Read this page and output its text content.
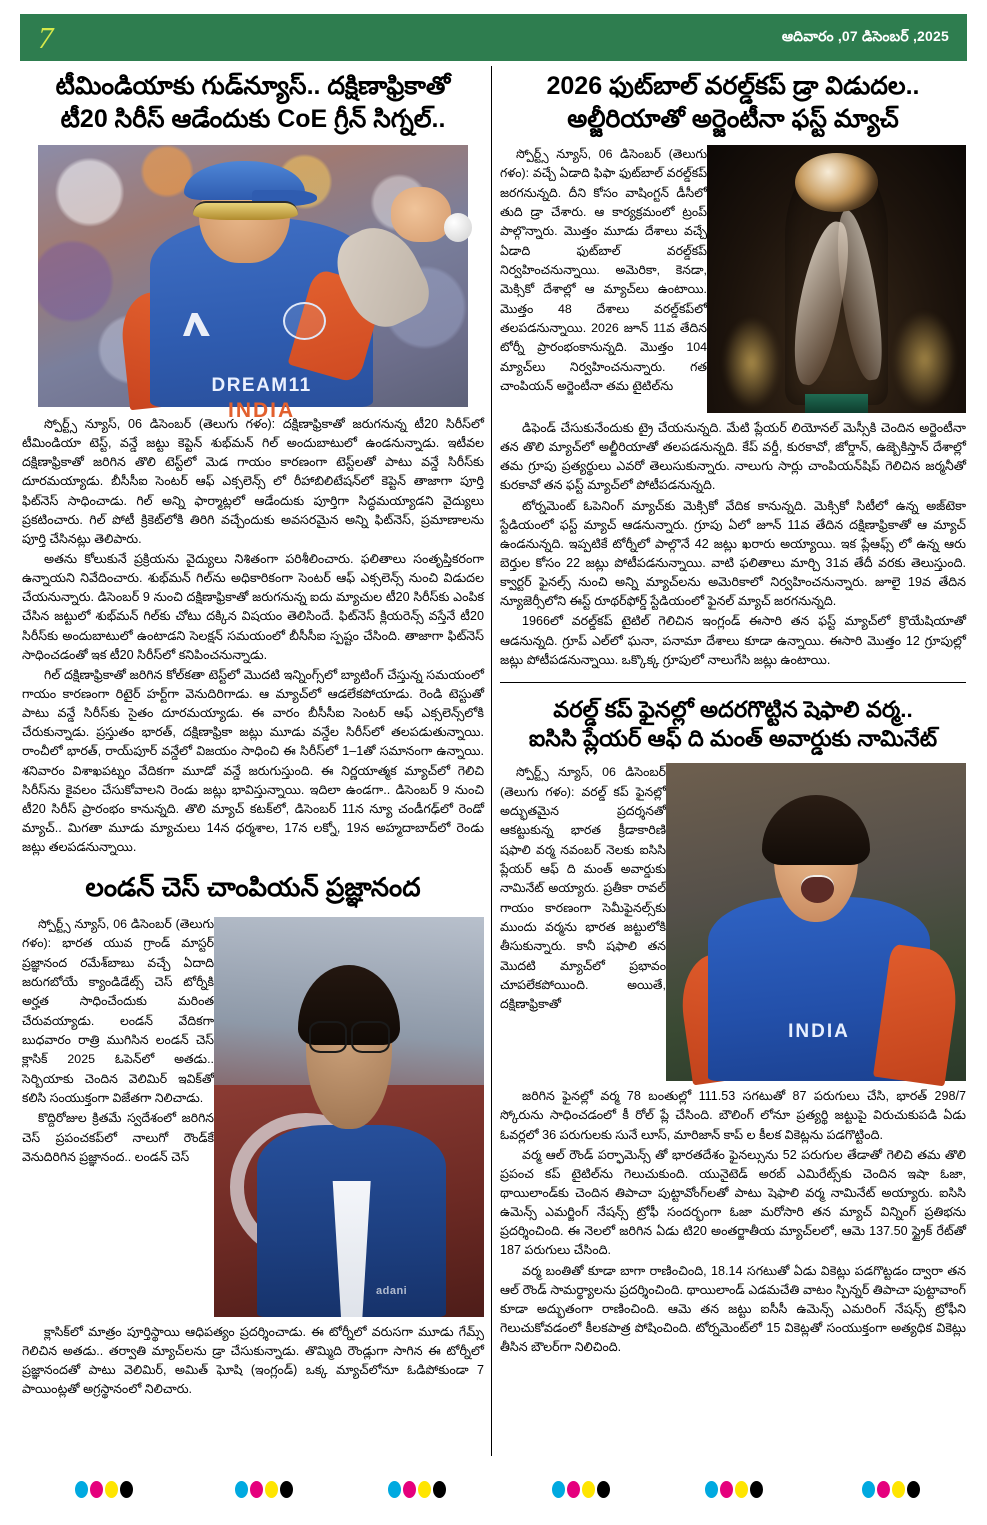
7	ఆదివారం ,07 డిసెంబర్ ,2025
టీమిండియాకు గుడ్‌న్యూస్.. దక్షిణాఫ్రికాతో
టీ20 సిరీస్ ఆడేందుకు CoE గ్రీన్ సిగ్నల్..
DREAM11
INDIA

స్పోర్ట్స్ న్యూస్, 06 డిసెంబర్ (తెలుగు గళం): దక్షిణాఫ్రికాతో జరుగనున్న టీ20 సిరీస్‌లో టీమిండియా టెస్ట్, వన్డే జట్టు కెప్టెన్ శుభ్‌మన్ గిల్ అందుబాటులో ఉండనున్నాడు. ఇటీవల దక్షిణాఫ్రికాతో జరిగిన తొలి టెస్ట్‌లో మెడ గాయం కారణంగా టెస్ట్‌లతో పాటు వన్డే సిరీస్‌కు దూరమయ్యాడు. బీసీసీఐ సెంటర్ ఆఫ్ ఎక్సలెన్స్ లో రీహాబిలిటేషన్‌లో కెప్టెన్ తాజాగా పూర్తి ఫిట్‌నెస్ సాధించాడు. గిల్ అన్ని ఫార్మాట్లలో ఆడేందుకు పూర్తిగా సిద్ధమయ్యాడని వైద్యులు ప్రకటించారు. గిల్ పోటీ క్రికెట్‌లోకి తిరిగి వచ్చేందుకు అవసరమైన అన్ని ఫిట్‌నెస్, ప్రమాణాలను పూర్తి చేసినట్లు తెలిపారు.

అతను కోలుకునే ప్రక్రియను వైద్యులు నిశితంగా పరిశీలించారు. ఫలితాలు సంతృప్తికరంగా ఉన్నాయని నివేదించారు. శుభ్‌మన్ గిల్‌ను అధికారికంగా సెంటర్ ఆఫ్ ఎక్సలెన్స్ నుంచి విడుదల చేయనున్నారు. డిసెంబర్ 9 నుంచి దక్షిణాఫ్రికాతో జరుగనున్న ఐదు మ్యాచుల టీ20 సిరీస్‌కు ఎంపిక చేసిన జట్టులో శుభ్‌మన్ గిల్‌కు చోటు దక్కిన విషయం తెలిసిందే. ఫిట్‌నెస్ క్లియరెన్స్ వస్తేనే టీ20 సిరీస్‌కు అందుబాటులో ఉంటాడని సెలక్షన్ సమయంలో బీసీసీఐ స్పష్టం చేసింది. తాజాగా ఫిట్‌నెస్ సాధించడంతో ఇక టీ20 సిరీస్‌లో కనిపించనున్నాడు.

గిల్ దక్షిణాఫ్రికాతో జరిగిన కోల్‌కతా టెస్ట్‌లో మొదటి ఇన్నింగ్స్‌లో బ్యాటింగ్ చేస్తున్న సమయంలో గాయం కారణంగా రిటైర్ హర్ట్‌గా వెనుదిరిగాడు. ఆ మ్యాచ్‌లో ఆడలేకపోయాడు. రెండి టెస్టుతో పాటు వన్డే సిరీస్‌కు సైతం దూరమయ్యాడు. ఈ వారం బీసీసీఐ సెంటర్ ఆఫ్ ఎక్సలెన్స్‌లోకి చేరుకున్నాడు. ప్రస్తుతం భారత్, దక్షిణాఫ్రికా జట్లు మూడు వన్డేల సిరీస్‌లో తలపడుతున్నాయి. రాంచీలో భారత్, రాయ్‌పూర్ వన్డేలో విజయం సాధించి ఈ సిరీస్‌లో 1–1తో సమానంగా ఉన్నాయి. శనివారం విశాఖపట్నం వేదికగా మూడో వన్డే జరుగుస్తుంది. ఈ నిర్ణయాత్మక మ్యాచ్‌లో గెలిచి సిరీస్‌ను కైవలం చేసుకోవాలని రెండు జట్లు భావిస్తున్నాయి. ఇదిలా ఉండగా.. డిసెంబర్ 9 నుంచి టీ20 సిరీస్ ప్రారంభం కానున్నది. తొలి మ్యాచ్ కటక్‌లో, డిసెంబర్ 11న న్యూ చండీగఢ్‌లో రెండో మ్యాచ్.. మిగతా మూడు మ్యాచులు 14న ధర్మశాల, 17న లక్నో, 19న అహ్మదాబాద్‌లో రెండు జట్లు తలపడనున్నాయి.

లండన్ చెస్ చాంపియన్ ప్రజ్ఞానంద
adani

స్పోర్ట్స్ న్యూస్, 06 డిసెంబర్ (తెలుగు గళం): భారత యువ గ్రాండ్ మాస్టర్ ప్రజ్ఞానంద రమేశ్‌బాబు వచ్చే ఏదాది జరుగబోయే క్యాండిడేట్స్ చెస్ టోర్నీకి అర్హత సాధించేందుకు మరింత చేరువయ్యాడు. లండన్ వేదికగా బుధవారం రాత్రి ముగిసిన లండన్ చెస్ క్లాసిక్ 2025 ఓపెన్‌లో అతడు.. సెర్బియాకు చెందిన వెలిమిర్ ఇవిక్‌తో కలిసి సంయుక్తంగా విజేతగా నిలిచాడు.

కొద్దిరోజుల క్రితమే స్వదేశంలో జరిగిన చెస్ ప్రపంచకప్‌లో నాలుగో రౌండ్‌కే వెనుదిరిగిన ప్రజ్ఞానంద.. లండన్ చెస్

క్లాసిక్‌లో మాత్రం పూర్తిస్థాయి ఆధిపత్యం ప్రదర్శించాడు. ఈ టోర్నీలో వరుసగా మూడు గేమ్స్ గెలిచిన అతడు.. తర్వాతి మ్యాచ్‌లను డ్రా చేసుకున్నాడు. తొమ్మిది రౌండ్లుగా సాగిన ఈ టోర్నీలో ప్రజ్ఞానందతో పాటు వెలిమిర్, అమిత్ ఘోషి (ఇంగ్లండ్) ఒక్క మ్యాచ్‌లోనూ ఓడిపోకుండా 7 పాయింట్లతో అగ్రస్థానంలో నిలిచారు.

2026 ఫుట్‌బాల్ వరల్డ్‌కప్ డ్రా విడుదల..
అల్జీరియాతో అర్జెంటీనా ఫస్ట్ మ్యాచ్

స్పోర్ట్స్ న్యూస్, 06 డిసెంబర్ (తెలుగు గళం): వచ్చే ఏడాది ఫిఫా ఫుట్‌బాల్ వరల్డ్‌కప్ జరగనున్నది. దీని కోసం వాషింగ్టన్ డీసీలో తుది డ్రా చేశారు. ఆ కార్యక్రమంలో ట్రంప్ పాల్గొన్నారు. మొత్తం మూడు దేశాలు వచ్చే ఏడాది ఫుట్‌బాల్ వరల్డ్‌కప్ నిర్వహించనున్నాయి. అమెరికా, కెనడా, మెక్సికో దేశాల్లో ఆ మ్యాచ్‌లు ఉంటాయి. మొత్తం 48 దేశాలు వరల్డ్‌కప్‌లో తలపడనున్నాయి. 2026 జూన్ 11వ తేదిన టోర్నీ ప్రారంభంకానున్నది. మొత్తం 104 మ్యాచ్‌లు నిర్వహించనున్నారు. గత చాంపియన్ అర్జెంటీనా తమ టైటిల్‌ను

డిఫెండ్ చేసుకునేందుకు ట్రై చేయనున్నది. మేటి ప్లేయర్ లియోనల్ మెస్సీకి చెందిన అర్జెంటీనా తన తొలి మ్యాచ్‌లో అల్జీరియాతో తలపడనున్నది. కేప్ వర్డీ, కురకావో, జోర్డాన్, ఉజ్బెకిస్తాన్ దేశాల్లో తమ గ్రూపు ప్రత్యర్థులు ఎవరో తెలుసుకున్నారు. నాలుగు సార్లు చాంపియన్‌షిప్ గెలిచిన జర్మనీతో కురకావో తన ఫస్ట్ మ్యాచ్‌లో పోటీపడనున్నది.

టోర్నమెంట్ ఓపెనింగ్ మ్యాచ్‌కు మెక్సికో వేదిక కానున్నది. మెక్సికో సిటీలో ఉన్న అజ్‌టెకా స్టేడియంలో ఫస్ట్ మ్యాచ్ ఆడనున్నారు. గ్రూపు ఏలో జూన్ 11వ తేదిన దక్షిణాఫ్రికాతో ఆ మ్యాచ్ ఉండనున్నది. ఇప్పటికే టోర్నీలో పాల్గొనే 42 జట్లు ఖరారు అయ్యాయి. ఇక ప్లేఆఫ్స్ లో ఉన్న ఆరు బెర్తుల కోసం 22 జట్లు పోటీపడనున్నాయి. వాటి ఫలితాలు మార్చి 31వ తేదీ వరకు తెలుస్తుంది. క్వార్టర్ ఫైనల్స్ నుంచి అన్ని మ్యాచ్‌లను అమెరికాలో నిర్వహించనున్నారు. జూలై 19వ తేదిన న్యూజెర్సీలోని ఈస్ట్ రూథర్‌ఫోర్డ్ స్టేడియంలో ఫైనల్ మ్యాచ్ జరగనున్నది.

1966లో వరల్డ్‌కప్ టైటిల్ గెలిచిన ఇంగ్లండ్ ఈసారి తన ఫస్ట్ మ్యాచ్‌లో క్రొయేషియాతో ఆడనున్నది. గ్రూప్ ఎల్‌లో ఘనా, పనామా దేశాలు కూడా ఉన్నాయి. ఈసారి మొత్తం 12 గ్రూపుల్లో జట్లు పోటీపడనున్నాయి. ఒక్కొక్క గ్రూపులో నాలుగేసి జట్లు ఉంటాయి.

వరల్డ్ కప్ ఫైనల్లో అదరగొట్టిన షెఫాలి వర్మ..
ఐసిసి ప్లేయర్ ఆఫ్ ది మంత్ అవార్డుకు నామినేట్
INDIA

స్పోర్ట్స్ న్యూస్, 06 డిసెంబర్ (తెలుగు గళం): వరల్డ్ కప్ ఫైనల్లో అద్భుతమైన ప్రదర్శనతో ఆకట్టుకున్న భారత క్రీడాకారిణి షఫాలి వర్మ నవంబర్ నెలకు ఐసిసి ప్లేయర్ ఆఫ్ ది మంత్ అవార్డుకు నామినేట్ అయ్యారు. ప్రతీకా రావల్ గాయం కారణంగా సెమీఫైనల్స్‌కు ముందు వర్మను భారత జట్టులోకి తీసుకున్నారు. కానీ షఫాలి తన మొదటి మ్యాచ్‌లో ప్రభావం చూపలేకపోయింది. అయితే, దక్షిణాఫ్రికాతో

జరిగిన ఫైనల్లో వర్మ 78 బంతుల్లో 111.53 సగటుతో 87 పరుగులు చేసి, భారత్ 298/7 స్కోరును సాధించడంలో కీ రోల్ ప్లే చేసింది. బౌలింగ్ లోనూ ప్రత్యర్థి జట్టుపై విరుచుకుపడి ఏడు ఓవర్లలో 36 పరుగులకు సునే లూస్, మారిజాన్ కాప్ ల కీలక వికెట్లను పడగొట్టింది.

వర్మ ఆల్ రౌండ్ పర్ఫామెన్స్ తో భారతదేశం ఫైనల్సును 52 పరుగుల తేడాతో గెలిచి తమ తొలి ప్రపంచ కప్ టైటిల్‌ను గెలుచుకుంది. యునైటెడ్ అరబ్ ఎమిరేట్స్‌కు చెందిన ఇషా ఓజా, థాయిలాండ్‌కు చెందిన తిపాచా పుట్టావోంగ్‌లతో పాటు షెఫాలి వర్మ నామినేట్ అయ్యారు. ఐసిసి ఉమెన్స్ ఎమర్జింగ్ నేషన్స్ ట్రోఫీ సందర్భంగా ఓజా మరోసారి తన మ్యాచ్ విన్నింగ్ ప్రతిభను ప్రదర్శించింది. ఈ నెలలో జరిగిన ఏడు టి20 అంతర్జాతీయ మ్యాచ్‌లలో, ఆమె 137.50 స్ట్రైక్ రేట్‌తో 187 పరుగులు చేసింది.

వర్మ బంతితో కూడా బాగా రాణించింది, 18.14 సగటుతో ఏడు వికెట్లు పడగొట్టడం ద్వారా తన ఆల్ రౌండ్ సామర్థ్యాలను ప్రదర్శించింది. థాయిలాండ్ ఎడమచేతి వాటం స్పిన్నర్ తిపాచా పుట్టావాంగ్ కూడా అద్భుతంగా రాణించింది. ఆమె తన జట్టు ఐసీసీ ఉమెన్స్ ఎమరింగ్ నేషన్స్ ట్రోఫీని గెలుచుకోవడంలో కీలకపాత్ర పోషించింది. టోర్నమెంట్‌లో 15 వికెట్లతో సంయుక్తంగా అత్యధిక వికెట్లు తీసిన బౌలర్‌గా నిలిచింది.
